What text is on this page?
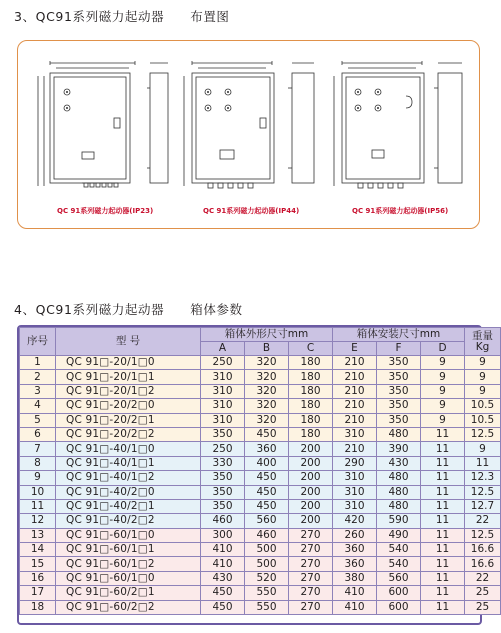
3、QC91系列磁力起动器 布置图
QC 91系列磁力起动器(IP23)	QC 91系列磁力起动器(IP44)	QC 91系列磁力起动器(IP56)
4、QC91系列磁力起动器 箱体参数
序号	型 号	箱体外形尺寸mm			箱体安装尺寸mm			重量
Kg
		A	B	C	E	F	D	
1	QC 91□-20/1□0	250	320	180	210	350	9	9
2	QC 91□-20/1□1	310	320	180	210	350	9	9
3	QC 91□-20/1□2	310	320	180	210	350	9	9
4	QC 91□-20/2□0	310	320	180	210	350	9	10.5
5	QC 91□-20/2□1	310	320	180	210	350	9	10.5
6	QC 91□-20/2□2	350	450	180	310	480	11	12.5
7	QC 91□-40/1□0	250	360	200	210	390	11	9
8	QC 91□-40/1□1	330	400	200	290	430	11	11
9	QC 91□-40/1□2	350	450	200	310	480	11	12.3
10	QC 91□-40/2□0	350	450	200	310	480	11	12.5
11	QC 91□-40/2□1	350	450	200	310	480	11	12.7
12	QC 91□-40/2□2	460	560	200	420	590	11	22
13	QC 91□-60/1□0	300	460	270	260	490	11	12.5
14	QC 91□-60/1□1	410	500	270	360	540	11	16.6
15	QC 91□-60/1□2	410	500	270	360	540	11	16.6
16	QC 91□-60/1□0	430	520	270	380	560	11	22
17	QC 91□-60/2□1	450	550	270	410	600	11	25
18	QC 91□-60/2□2	450	550	270	410	600	11	25
